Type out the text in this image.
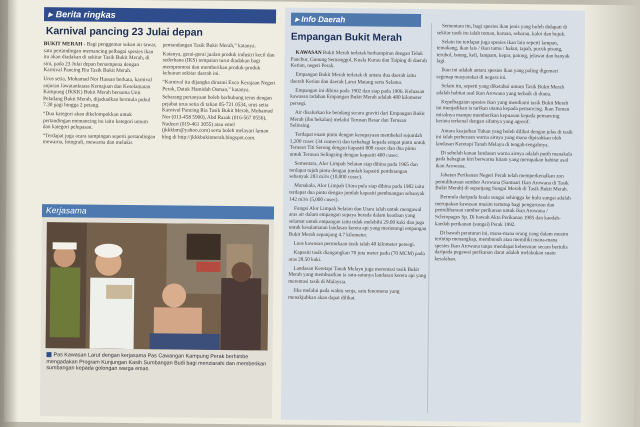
▸ Berita ringkas
Karnival pancing 23 Julai depan

BUKIT MERAH - Bagi penggemar sukan air tawar, satu pertandingan memancing pelbagai spesies ikan itu akan diadakan di sekitar Tasik Bukit Merah, di sini, pada 23 Julai depan bersempena dengan Karnival Pancing Ria Tasik Bukit Merah.

Urus setia, Mohamad Nor Hassan berkata, karnival anjuran Jawatankuasa Kemajuan dan Keselamatan Kampung (JKKK) Bukit Merah bersama Unit Peladang Bukit Merah, dijadualkan bermula pukul 7.30 pagi hingga 2 petang.

“Dua kategori akan dikelompokkan untuk pertandingan memancing itu iaitu kategori umum dan kategori pelepasan.

“Terdapat juga acara sampingan seperti pertandingan mewarna, fotografi, mewarna dan melukis

pemandangan Tasik Bukit Merah,” katanya.

Katanya, gerai-gerai jualan produk industri kecil dan sederhana (IKS) tempatan turut diadakan bagi mempromosi dan memberikan produk-produk keluaran sekitar daerah ini.

“Karnival itu dijangka dirasmi Exco Kerajaan Negeri Perak, Datuk Hamidah Osman,” katanya.

Sebarang pertanyaan boleh berhubung terus dengan pejabat urus setia di talian 05-721 0534, urus setia Karnival Pancing Ria Tasik Bukit Merah, Mohamad Nor (013-458 5900), Abd Razak (016-567 0556), Nadzeri (019-461 3055) atau emel (jkkkbm@yahoo.com) serta boleh melayari laman blog di http://jkkkbukitmerah.blogspot.com.

Kerjasama
Pas Kawasan Larut dengan kerjasama Pas Cawangan Kampung Perak berhimbe mengadakan Program Kunjungan Kasih Sumbangan Budi bagi menziarahi dan memberikan sumbangan kepada golongan warga emas.
▸ Info Daerah
Empangan Bukit Merah

KAWASAN Bukit Merah terletak berhampiran dengan Teluk Panchur, Gunung Semanggol, Kuala Kurau dan Taiping di daerah Kerian, negeri Perak.

Empangan Bukit Merah terletak di antara dua daerah iaitu daerah Kerian dan daerah Larut Matang serta Selama.

Empangan ini dibina pada 1902 dan siap pada 1906. Keluasan kawasan tadahan Empangan Bukit Merah adalah 480 kilometer persegi.

Air disalurkan ke bendang secara graviti dari Empangan Bukit Merah (ibu bekalan) melalui Terusan Besar dan Terusan Selinsing.

Terdapat enam pintu dengan kesupayaan membekal sejumlah 1,200 cusec (34 cumecs) dan terbahagi kepada empat pintu untuk Terusan Titi Serong dengan kapasiti 800 cusec dan dua pintu untuk Terusan Selingsing dengan kapasiti 400 cusec.

Sementara, Alor Limpah Selatan siap dibina pada 1965 dan terdapat tujuh pintu dengan jumlah kapasiti pembuangan sebanyak 283 m3/s (10,000 cusec).

Manakala, Alor Limpah Utara pula siap dibina pada 1982 iaitu terdapat dua pintu dengan jumlah kapasiti pembuangan sebanyak 142 m3/s (5,000 cusec).

Fungsi Alor Limpah Selatan dan Utara ialah untuk mengawal aras air dalam empangan supaya berada dalam keadaan yang selamat untuk empangan iaitu tidak melebihi 29.00 kaki dan juga untuk kesalamatan landasan kereta api yang merintangi empangan Bukit Merah sepanjang 4.7 kilometer.

Luas kawasan permukaan tasik ialah 40 kilometer persegi.

Kapasiti tasik diangangkan 70 juta meter padu (70 MCM) pada aras 28.50 kaki.

Landasan Keretapi Tanah Melayu juga merentasi tasik Bukit Merah yang membuatkan ia satu-satunya landasan kereta api yang merentasi tasik di Malaysia.

Jika melalui pada waktu senja, satu fenomena yang menakjubkan akan dapat dilihat.

Sementara itu, bagi spesies ikan jenis yang boleh didapati di sekitar tasik itu ialah toman, haruan, sebarau, kaloi dan bujuk.

Selain itu terdapat juga spesies ikan lain seperti lampan, temakang, ikan lais / ikan tamu / bakut, tapah, pucuk pisang, terubol, baung, keli, lampam, kepar, patong, jelawat dan banyak lagi.

Ikan ini adalah antara spesies ikan yang paling digemari segenap masyarakat di negara ini.

Selain itu, seperti yang diketahui umum Tasik Bukit Merah adalah habitat asal ikan Arowana yang terbaik di dunia.

Kepelbagaian spesies ikan yang mendiami tasik Bukit Merah ini menjadikan ia tarikan utama kepada pemancing. Ikan Toman misalnya mampu memberikan kepuasan kepada pemancing kerana terkenal dengan sifatnya yang agresif.

Antara keajaiban Tuhan yang boleh dilihat dengan jelas di tasik ini ialah perbezaan warna airnya yang mana dipisahkan oleh landasan Keretapi Tanah Melayu di tengah-tengahnya.

Di sebelah kanan landasan warna airnya adalah putih manakala pada bahagian kiri berwarna hitam yang merupakan habitat asal ikan Arowana.

Jabatan Perikanan Negeri Perak telah memperkenalkan zon pemuliharaan sumber Arowana (Santuari Ikan Arowana di Tasik Bukit Merah) di sepanjang Sungai Merah di Tasik Bukit Merah.

Bermula daripada kuala sungai sehingga ke hulu sungai adalah merupakan kawasan musim tertutup bagi pengurusan dan pemuliharaan sumber perikanan untuk ikan Arowana / Scleropages Sp. Di bawah Akta Perikanan 1985 dan kaedah-kaedah perikanan (sungai) Perak 1992.

Di bawah peraturan ini, mana-mana orang yang dalam musim tertutup menangkap, membunuh atau memiliki mana-mana spesies Ikan Arowana tanpa mendapat kebenaran secara bertulis daripada pegawai perikanan darat adalah melakukan suatu kesalahan.
